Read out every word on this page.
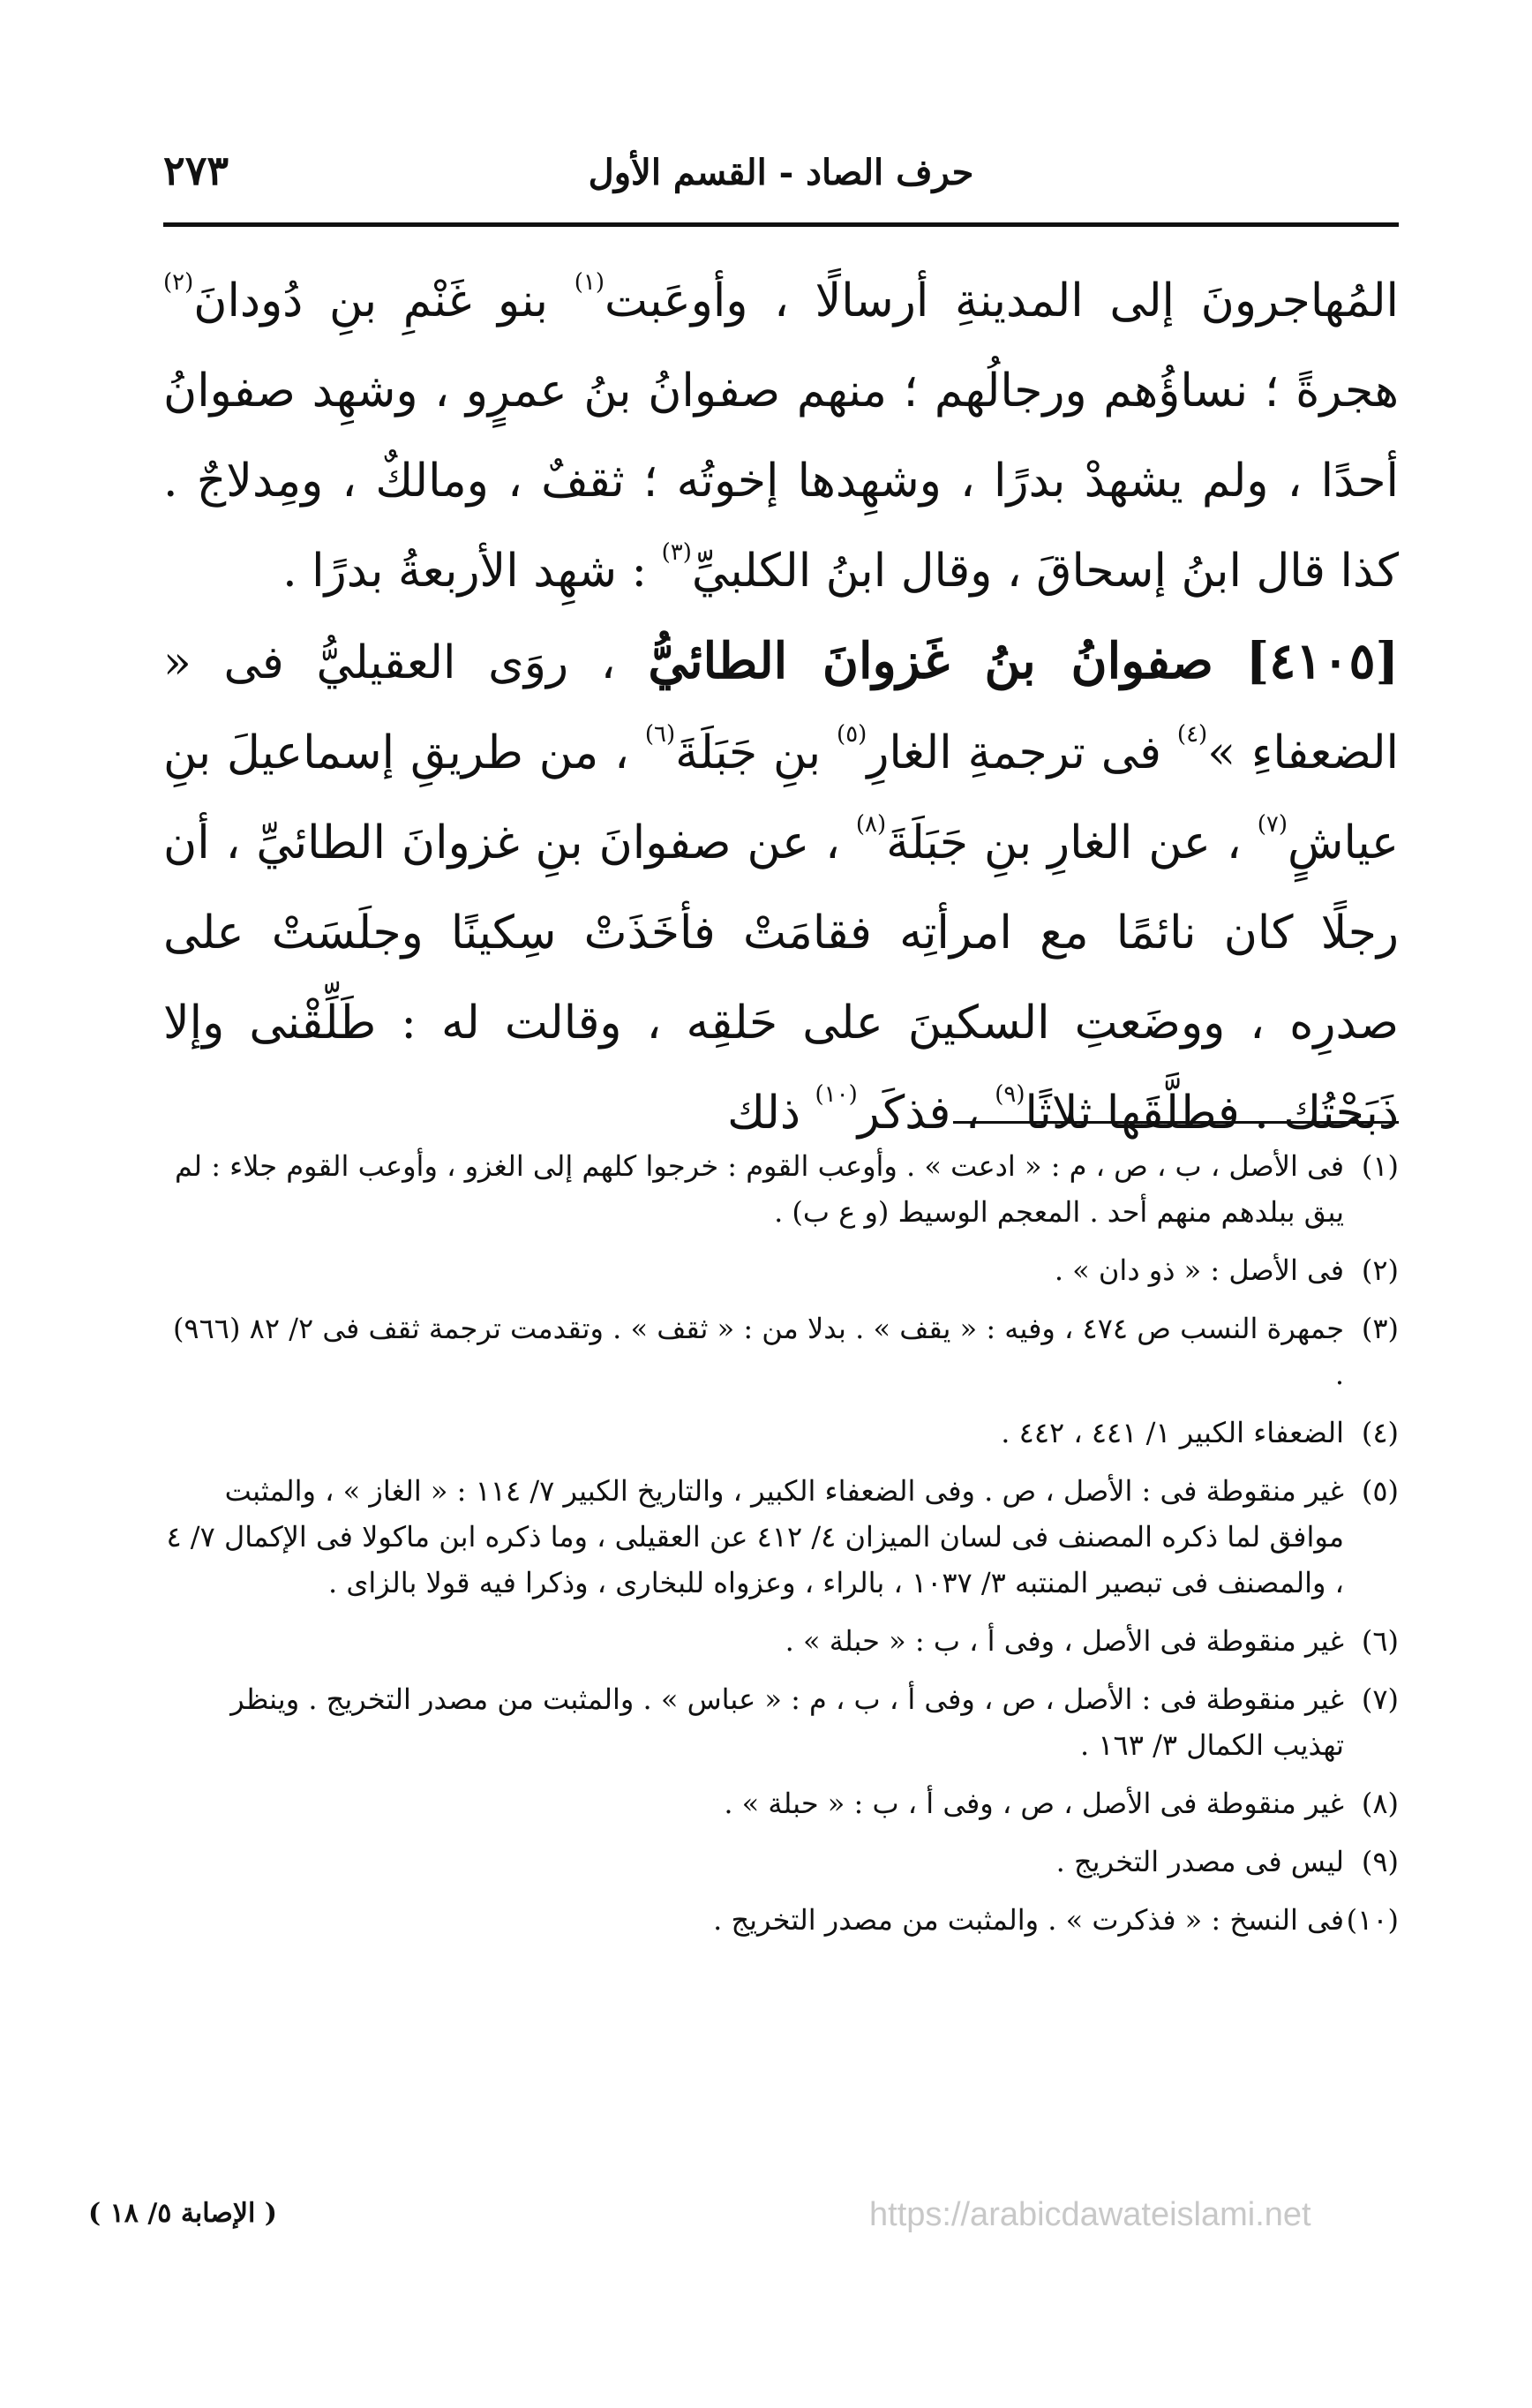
حرف الصاد - القسم الأول
٢٧٣

المُهاجرونَ إلى المدينةِ أرسالًا ، وأوعَبت$^{(١)}$ بنو غَنْمِ بنِ دُودانَ$^{(٢)}$ هجرةً ؛ نساؤُهم ورجالُهم ؛ منهم صفوانُ بنُ عمرٍو ، وشهِد صفوانُ أحدًا ، ولم يشهدْ بدرًا ، وشهِدها إخوتُه ؛ ثقفٌ ، ومالكٌ ، ومِدلاجٌ . كذا قال ابنُ إسحاقَ ، وقال ابنُ الكلبيِّ$^{(٣)}$ : شهِد الأربعةُ بدرًا .

[٤١٠٥] صفوانُ بنُ غَزوانَ الطائيُّ ، روَى العقيليُّ فى « الضعفاءِ »$^{(٤)}$ فى ترجمةِ الغارِ$^{(٥)}$ بنِ جَبَلَةَ$^{(٦)}$ ، من طريقِ إسماعيلَ بنِ عياشٍ$^{(٧)}$ ، عن الغارِ بنِ جَبَلَةَ$^{(٨)}$ ، عن صفوانَ بنِ غزوانَ الطائيِّ ، أن رجلًا كان نائمًا مع امرأتِه فقامَتْ فأخَذَتْ سِكينًا وجلَسَتْ على صدرِه ، ووضَعتِ السكينَ على حَلقِه ، وقالت له : طَلِّقْنى وإلا ذَبَحْتُك . فطلَّقَها ثلاثًا$^{(٩)}$ ، فذكَر$^{(١٠)}$ ذلك

(١)فى الأصل ، ب ، ص ، م : « ادعت » . وأوعب القوم : خرجوا كلهم إلى الغزو ، وأوعب القوم جلاء : لم يبق ببلدهم منهم أحد . المعجم الوسيط (و ع ب) .

(٢)فى الأصل : « ذو دان » .

(٣)جمهرة النسب ص ٤٧٤ ، وفيه : « يقف » . بدلا من : « ثقف » . وتقدمت ترجمة ثقف فى ٢/ ٨٢ (٩٦٦) .

(٤)الضعفاء الكبير ١/ ٤٤١ ، ٤٤٢ .

(٥)غير منقوطة فى : الأصل ، ص . وفى الضعفاء الكبير ، والتاريخ الكبير ٧/ ١١٤ : « الغاز » ، والمثبت موافق لما ذكره المصنف فى لسان الميزان ٤/ ٤١٢ عن العقيلى ، وما ذكره ابن ماكولا فى الإكمال ٧/ ٤ ، والمصنف فى تبصير المنتبه ٣/ ١٠٣٧ ، بالراء ، وعزواه للبخارى ، وذكرا فيه قولا بالزاى .

(٦)غير منقوطة فى الأصل ، وفى أ ، ب : « حبلة » .

(٧)غير منقوطة فى : الأصل ، ص ، وفى أ ، ب ، م : « عباس » . والمثبت من مصدر التخريج . وينظر تهذيب الكمال ٣/ ١٦٣ .

(٨)غير منقوطة فى الأصل ، ص ، وفى أ ، ب : « حبلة » .

(٩)ليس فى مصدر التخريج .

(١٠)فى النسخ : « فذكرت » . والمثبت من مصدر التخريج .

( الإصابة ٥/ ١٨ )	https://arabicdawateislami.net
